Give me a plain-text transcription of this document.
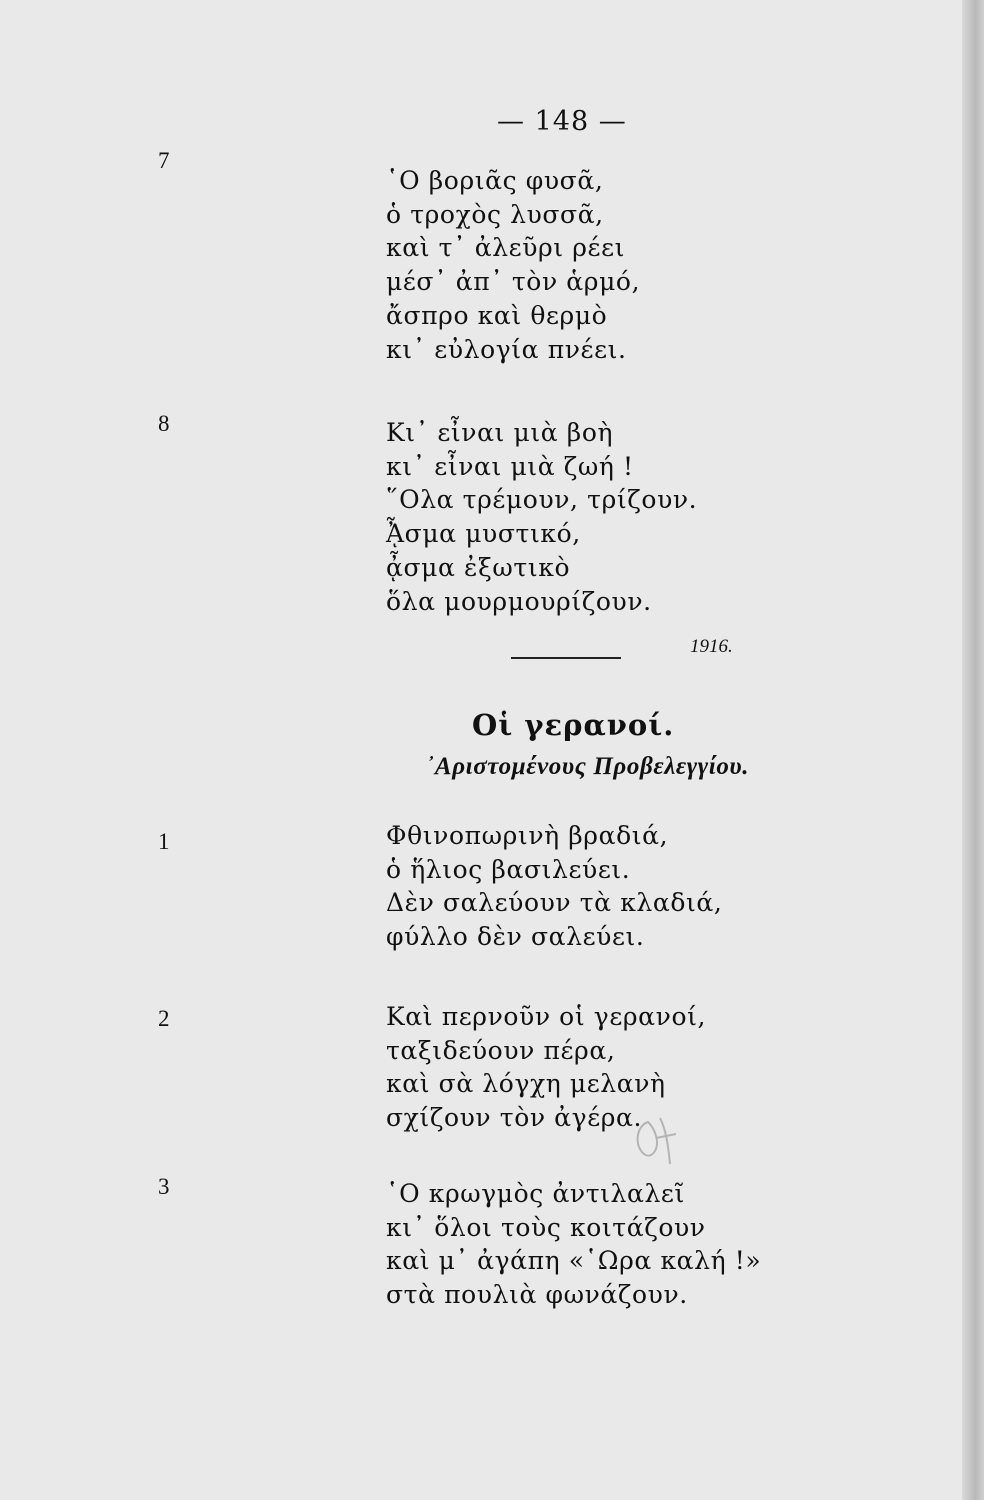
— 148 —
7
῾Ο βοριᾶς φυσᾶ,
ὁ τροχὸς λυσσᾶ,
καὶ τ᾿ ἀλεῦρι ρέει
μέσ᾿ ἀπ᾿ τὸν ἁρμό,
ἄσπρο καὶ θερμὸ
κι᾿ εὐλογία πνέει.
8	Κι᾿ εἶναι μιὰ βοὴ
κι᾿ εἶναι μιὰ ζωή !
῞Ολα τρέμουν, τρίζουν.
ᾎσμα μυστικό,
ᾆσμα ἐξωτικὸ
ὅλα μουρμουρίζουν.
1916.
Οἱ γερανοί.
᾿Αριστομένους Προβελεγγίου.
1	Φθινοπωρινὴ βραδιά,
ὁ ἥλιος βασιλεύει.
Δὲν σαλεύουν τὰ κλαδιά,
φύλλο δὲν σαλεύει.
2	Καὶ περνοῦν οἱ γερανοί,
ταξιδεύουν πέρα,
καὶ σὰ λόγχη μελανὴ
σχίζουν τὸν ἀγέρα.
3	῾Ο κρωγμὸς ἀντιλαλεῖ
κι᾿ ὅλοι τοὺς κοιτάζουν
καὶ μ᾿ ἀγάπη «῾Ωρα καλή !»
στὰ πουλιὰ φωνάζουν.
